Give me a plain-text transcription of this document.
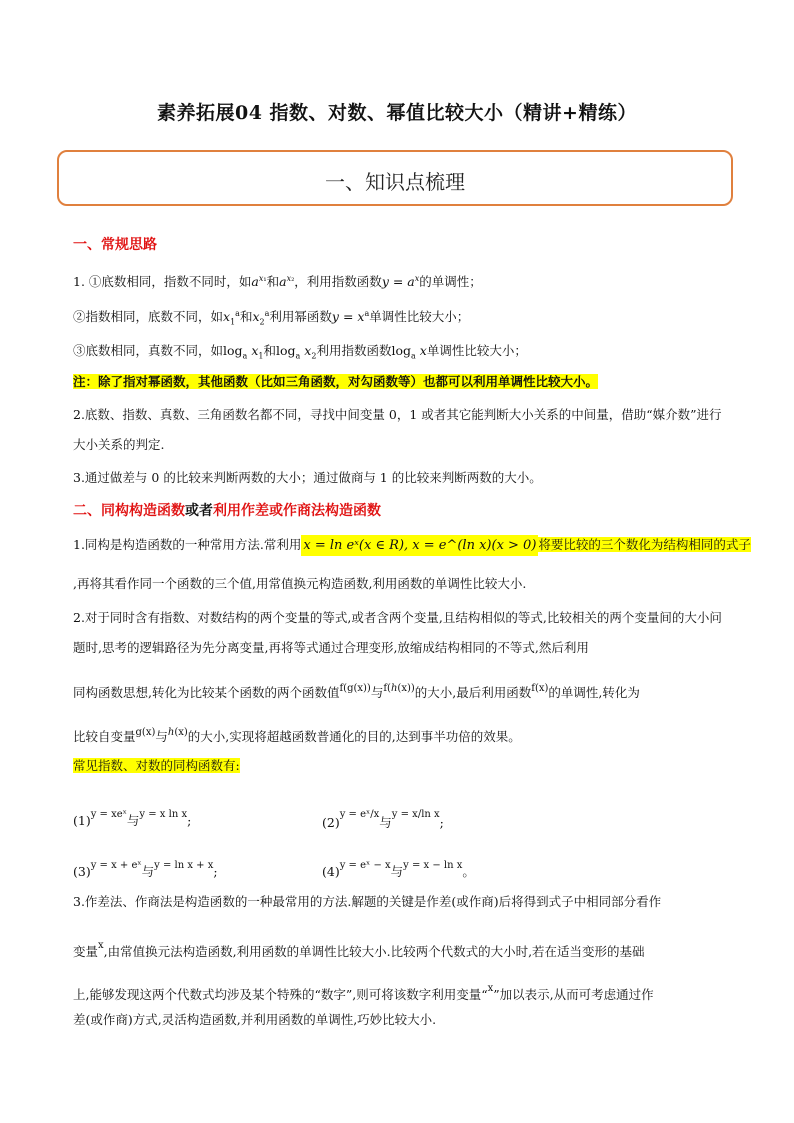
素养拓展04 指数、对数、幂值比较大小（精讲+精练）
一、知识点梳理
一、常规思路
1. ①底数相同，指数不同时，如$a^{x_1}$和$a^{x_2}$，利用指数函数$y = a^x$的单调性；
②指数相同，底数不同，如$x_1^a$和$x_2^a$利用幂函数$y = x^a$单调性比较大小；
③底数相同，真数不同，如$\log_a x_1$和$\log_a x_2$利用指数函数$\log_a x$单调性比较大小；
注：除了指对幂函数，其他函数（比如三角函数，对勾函数等）也都可以利用单调性比较大小。
2.底数、指数、真数、三角函数名都不同，寻找中间变量 0，1 或者其它能判断大小关系的中间量，借助“媒介数”进行大小关系的判定.
3.通过做差与 0 的比较来判断两数的大小；通过做商与 1 的比较来判断两数的大小。
二、同构构造函数或者利用作差或作商法构造函数
1.同构是构造函数的一种常用方法.常利用 x = ln eˣ(x ∈ R), x = e^(ln x)(x > 0) 将要比较的三个数化为结构相同的式子
,再将其看作同一个函数的三个值,用常值换元构造函数,利用函数的单调性比较大小.
2.对于同时含有指数、对数结构的两个变量的等式,或者含两个变量,且结构相似的等式,比较相关的两个变量间的大小问题时,思考的逻辑路径为先分离变量,再将等式通过合理变形,放缩成结构相同的不等式,然后利用
同构函数思想,转化为比较某个函数的两个函数值$^{f(g(x))}$与$^{f(h(x))}$的大小,最后利用函数$^{f(x)}$的单调性,转化为
比较自变量$^{g(x)}$与$^{h(x)}$的大小,实现将超越函数普通化的目的,达到事半功倍的效果。
常见指数、对数的同构函数有:
$(1)^{y = xeˣ}$与$^{y = x ln x}$;	$(2)^{y = eˣ/x}$与$^{y = x/ln x}$;
$(3)^{y = x + eˣ}$与$^{y = ln x + x}$;	$(4)^{y = eˣ - x}$与$^{y = x - ln x}$。
3.作差法、作商法是构造函数的一种最常用的方法.解题的关键是作差(或作商)后将得到式子中相同部分看作
变量$^x$,由常值换元法构造函数,利用函数的单调性比较大小.比较两个代数式的大小时,若在适当变形的基础
上,能够发现这两个代数式均涉及某个特殊的“数字”,则可将该数字利用变量“$^x$”加以表示,从而可考虑通过作
差(或作商)方式,灵活构造函数,并利用函数的单调性,巧妙比较大小.
